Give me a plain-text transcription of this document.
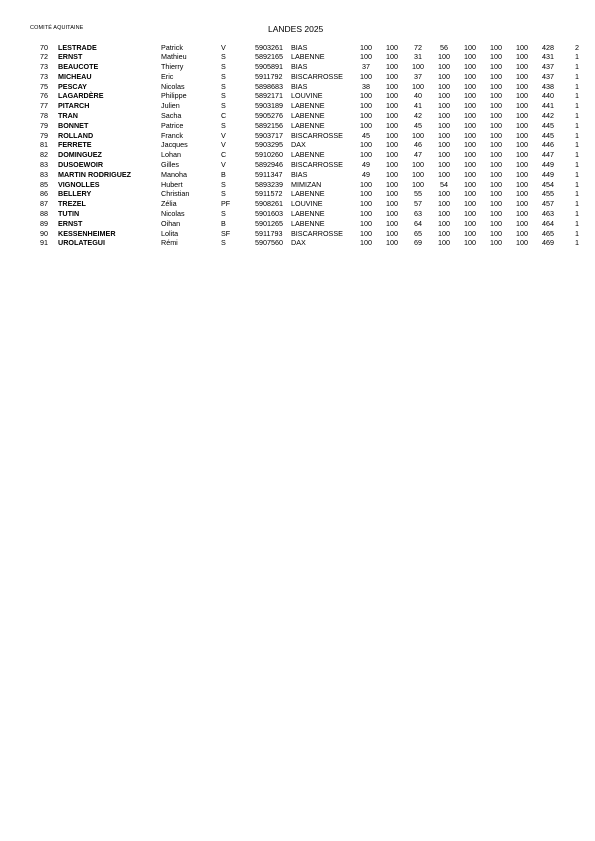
COMITÉ AQUITAINE	LANDES 2025
70	LESTRADE	Patrick	V	5903261	BIAS	100	100	72	56	100	100	100	428	2
72	ERNST	Mathieu	S	5892165	LABENNE	100	100	31	100	100	100	100	431	1
73	BEAUCOTE	Thierry	S	5905891	BIAS	37	100	100	100	100	100	100	437	1
73	MICHEAU	Eric	S	5911792	BISCARROSSE	100	100	37	100	100	100	100	437	1
75	PESCAY	Nicolas	S	5898683	BIAS	38	100	100	100	100	100	100	438	1
76	LAGARDÈRE	Philippe	S	5892171	LOUVINE	100	100	40	100	100	100	100	440	1
77	PITARCH	Julien	S	5903189	LABENNE	100	100	41	100	100	100	100	441	1
78	TRAN	Sacha	C	5905276	LABENNE	100	100	42	100	100	100	100	442	1
79	BONNET	Patrice	S	5892156	LABENNE	100	100	45	100	100	100	100	445	1
79	ROLLAND	Franck	V	5903717	BISCARROSSE	45	100	100	100	100	100	100	445	1
81	FERRETE	Jacques	V	5903295	DAX	100	100	46	100	100	100	100	446	1
82	DOMINGUEZ	Lohan	C	5910260	LABENNE	100	100	47	100	100	100	100	447	1
83	DUSOEWOIR	Gilles	V	5892946	BISCARROSSE	49	100	100	100	100	100	100	449	1
83	MARTIN RODRIGUEZ	Manoha	B	5911347	BIAS	49	100	100	100	100	100	100	449	1
85	VIGNOLLES	Hubert	S	5893239	MIMIZAN	100	100	100	54	100	100	100	454	1
86	BELLERY	Christian	S	5911572	LABENNE	100	100	55	100	100	100	100	455	1
87	TREZEL	Zélia	PF	5908261	LOUVINE	100	100	57	100	100	100	100	457	1
88	TUTIN	Nicolas	S	5901603	LABENNE	100	100	63	100	100	100	100	463	1
89	ERNST	Oihan	B	5901265	LABENNE	100	100	64	100	100	100	100	464	1
90	KESSENHEIMER	Lolita	SF	5911793	BISCARROSSE	100	100	65	100	100	100	100	465	1
91	UROLATEGUI	Rémi	S	5907560	DAX	100	100	69	100	100	100	100	469	1
